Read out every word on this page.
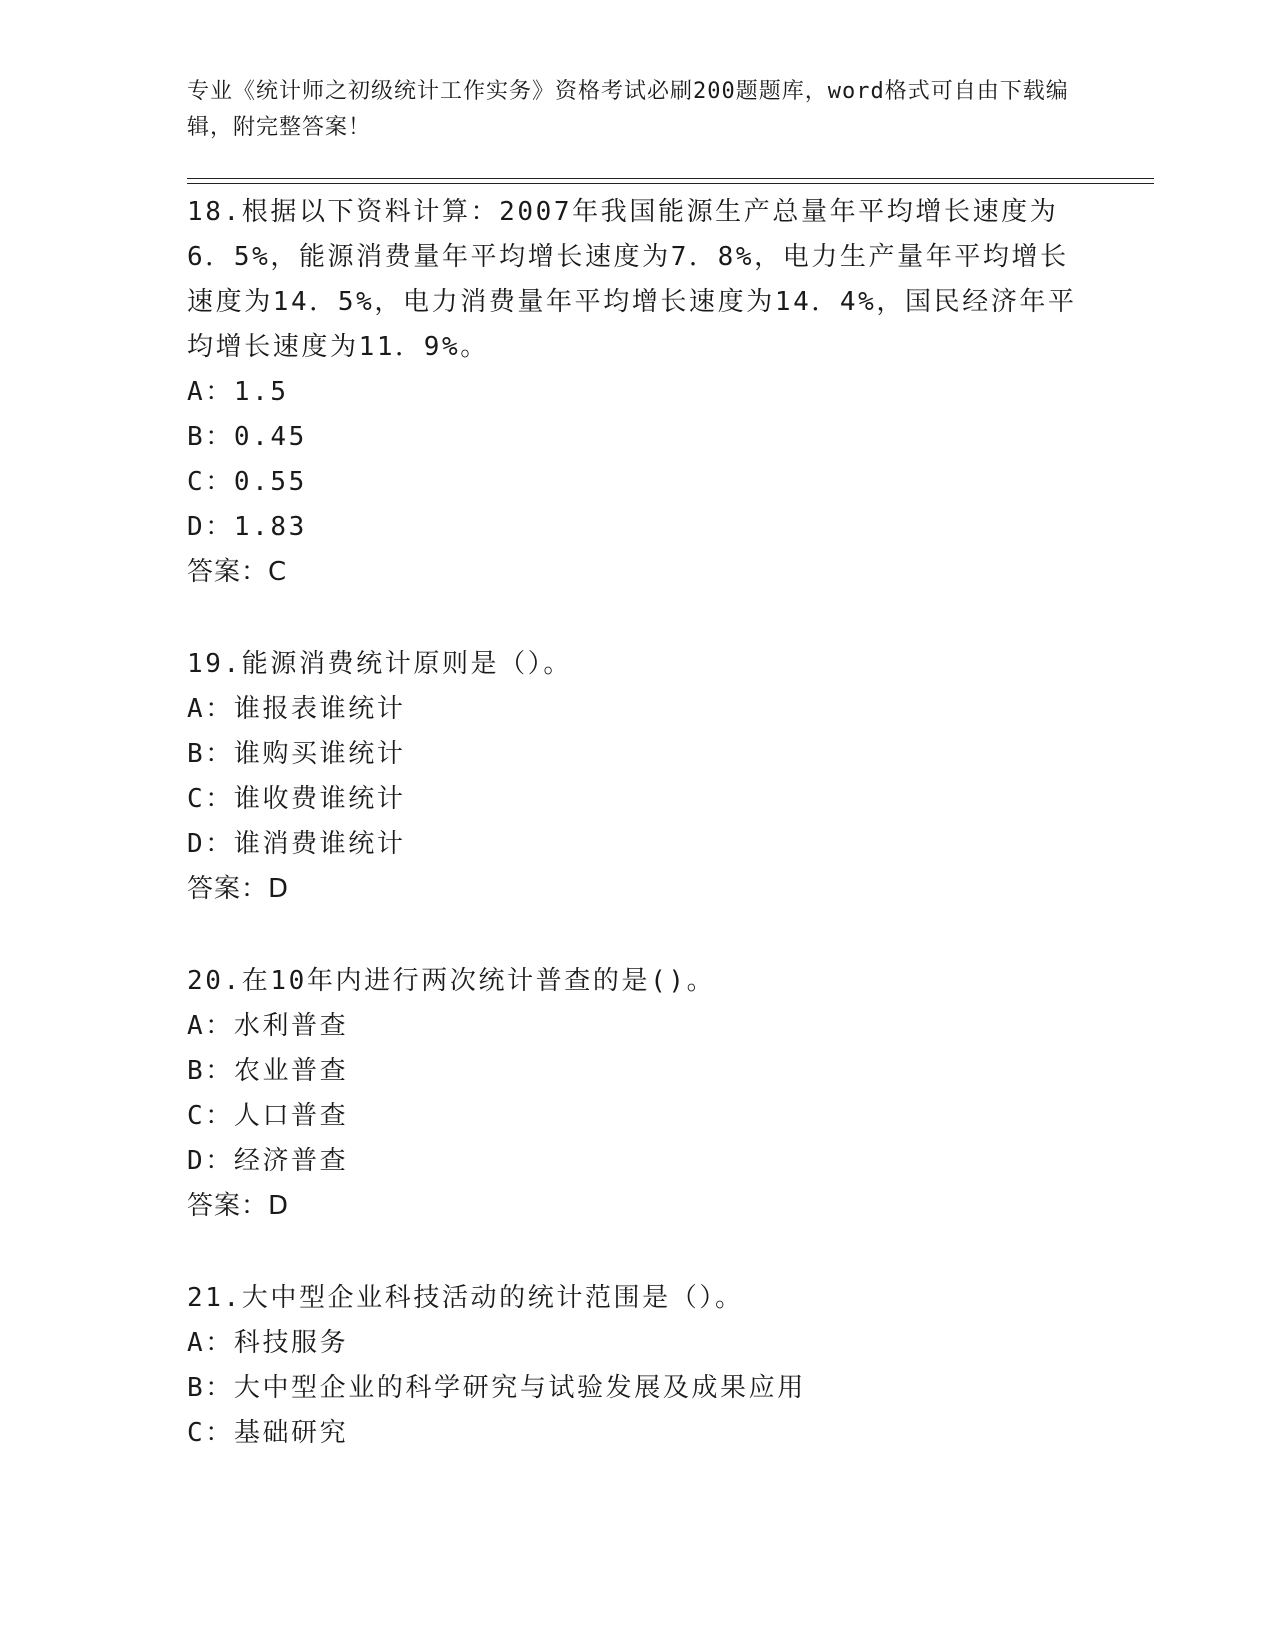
专业《统计师之初级统计工作实务》资格考试必刷200题题库，word格式可自由下载编辑，附完整答案！

18.根据以下资料计算：2007年我国能源生产总量年平均增长速度为6．5%，能源消费量年平均增长速度为7．8%，电力生产量年平均增长速度为14．5%，电力消费量年平均增长速度为14．4%，国民经济年平均增长速度为11．9%。

A：1.5

B：0.45

C：0.55

D：1.83

答案：C

19.能源消费统计原则是（）。

A：谁报表谁统计

B：谁购买谁统计

C：谁收费谁统计

D：谁消费谁统计

答案：D

20.在10年内进行两次统计普查的是()。

A：水利普查

B：农业普查

C：人口普查

D：经济普查

答案：D

21.大中型企业科技活动的统计范围是（）。

A：科技服务

B：大中型企业的科学研究与试验发展及成果应用

C：基础研究
